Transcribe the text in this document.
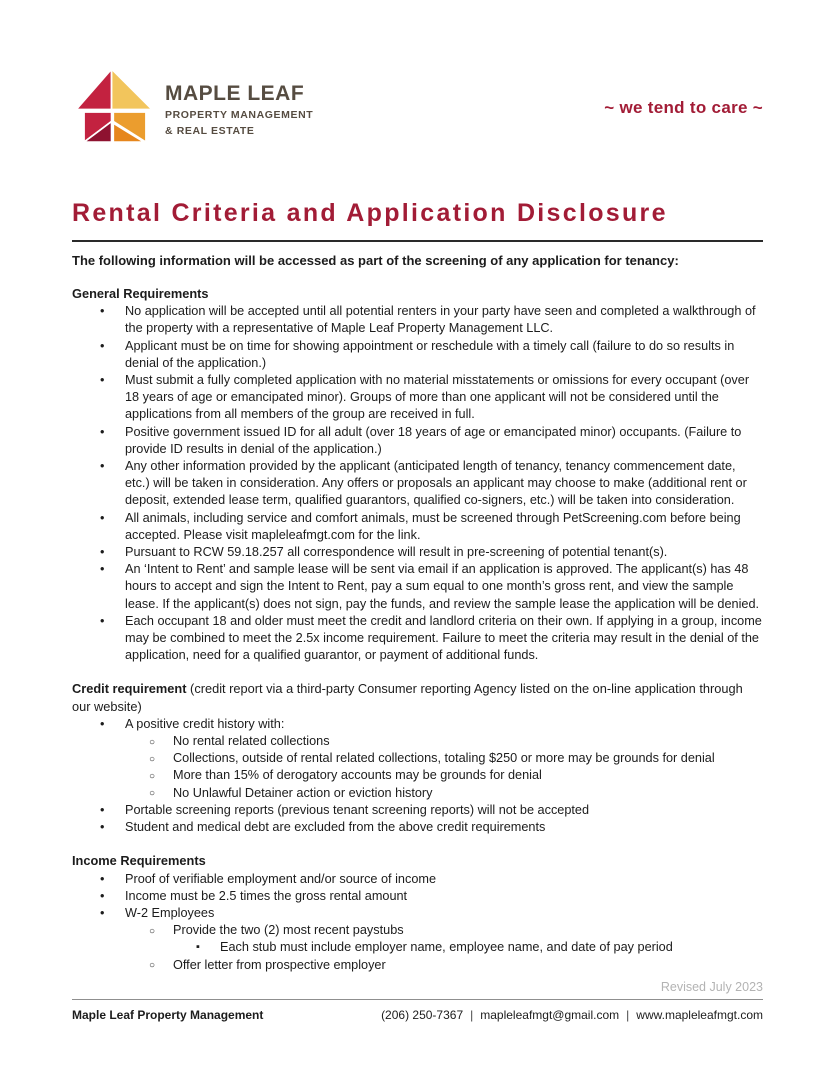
MAPLE LEAF
PROPERTY MANAGEMENT
& REAL ESTATE
~ we tend to care ~
Rental Criteria and Application Disclosure
The following information will be accessed as part of the screening of any application for tenancy:
General Requirements
• No application will be accepted until all potential renters in your party have seen and completed a walkthrough of the property with a representative of Maple Leaf Property Management LLC.
• Applicant must be on time for showing appointment or reschedule with a timely call (failure to do so results in denial of the application.)
• Must submit a fully completed application with no material misstatements or omissions for every occupant (over 18 years of age or emancipated minor). Groups of more than one applicant will not be considered until the applications from all members of the group are received in full.
• Positive government issued ID for all adult (over 18 years of age or emancipated minor) occupants. (Failure to provide ID results in denial of the application.)
• Any other information provided by the applicant (anticipated length of tenancy, tenancy commencement date, etc.) will be taken in consideration. Any offers or proposals an applicant may choose to make (additional rent or deposit, extended lease term, qualified guarantors, qualified co-signers, etc.) will be taken into consideration.
• All animals, including service and comfort animals, must be screened through PetScreening.com before being accepted. Please visit mapleleafmgt.com for the link.
• Pursuant to RCW 59.18.257 all correspondence will result in pre-screening of potential tenant(s).
• An ‘Intent to Rent’ and sample lease will be sent via email if an application is approved. The applicant(s) has 48 hours to accept and sign the Intent to Rent, pay a sum equal to one month’s gross rent, and view the sample lease. If the applicant(s) does not sign, pay the funds, and review the sample lease the application will be denied.
• Each occupant 18 and older must meet the credit and landlord criteria on their own. If applying in a group, income may be combined to meet the 2.5x income requirement. Failure to meet the criteria may result in the denial of the application, need for a qualified guarantor, or payment of additional funds.
Credit requirement (credit report via a third-party Consumer reporting Agency listed on the on-line application through our website)
• A positive credit history with:
○ No rental related collections
○ Collections, outside of rental related collections, totaling $250 or more may be grounds for denial
○ More than 15% of derogatory accounts may be grounds for denial
○ No Unlawful Detainer action or eviction history
• Portable screening reports (previous tenant screening reports) will not be accepted
• Student and medical debt are excluded from the above credit requirements
Income Requirements
• Proof of verifiable employment and/or source of income
• Income must be 2.5 times the gross rental amount
• W-2 Employees
○ Provide the two (2) most recent paystubs
▪ Each stub must include employer name, employee name, and date of pay period
○ Offer letter from prospective employer
Revised July 2023
Maple Leaf Property Management	(206) 250-7367 | mapleleafmgt@gmail.com | www.mapleleafmgt.com
